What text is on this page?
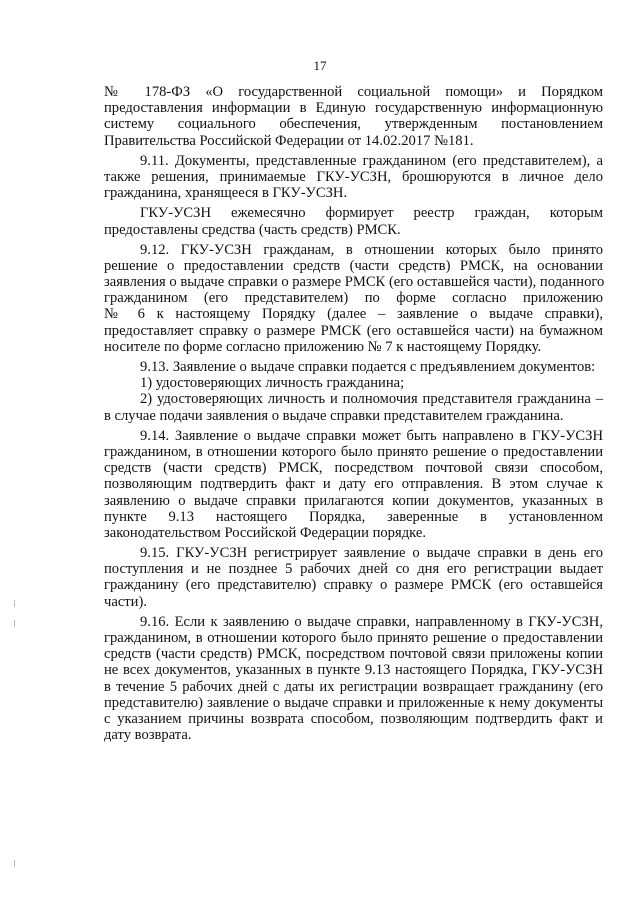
17
№ 178-ФЗ «О государственной социальной помощи» и Порядком
предоставления информации в Единую государственную информационную
систему социального обеспечения, утвержденным постановлением
Правительства Российской Федерации от 14.02.2017 №181.
9.11. Документы, представленные гражданином (его представителем), а
также решения, принимаемые ГКУ-УСЗН, брошюруются в личное дело
гражданина, хранящееся в ГКУ-УСЗН.
ГКУ-УСЗН ежемесячно формирует реестр граждан, которым
предоставлены средства (часть средств) РМСК.
9.12. ГКУ-УСЗН гражданам, в отношении которых было принято
решение о предоставлении средств (части средств) РМСК, на основании
заявления о выдаче справки о размере РМСК (его оставшейся части), поданного
гражданином (его представителем) по форме согласно приложению
№ 6 к настоящему Порядку (далее – заявление о выдаче справки),
предоставляет справку о размере РМСК (его оставшейся части) на бумажном
носителе по форме согласно приложению № 7 к настоящему Порядку.
9.13. Заявление о выдаче справки подается с предъявлением документов:
1) удостоверяющих личность гражданина;
2) удостоверяющих личность и полномочия представителя гражданина –
в случае подачи заявления о выдаче справки представителем гражданина.
9.14. Заявление о выдаче справки может быть направлено в ГКУ-УСЗН
гражданином, в отношении которого было принято решение о предоставлении
средств (части средств) РМСК, посредством почтовой связи способом,
позволяющим подтвердить факт и дату его отправления. В этом случае к
заявлению о выдаче справки прилагаются копии документов, указанных в
пункте 9.13 настоящего Порядка, заверенные в установленном
законодательством Российской Федерации порядке.
9.15. ГКУ-УСЗН регистрирует заявление о выдаче справки в день его
поступления и не позднее 5 рабочих дней со дня его регистрации выдает
гражданину (его представителю) справку о размере РМСК (его оставшейся
части).
9.16. Если к заявлению о выдаче справки, направленному в ГКУ-УСЗН,
гражданином, в отношении которого было принято решение о предоставлении
средств (части средств) РМСК, посредством почтовой связи приложены копии
не всех документов, указанных в пункте 9.13 настоящего Порядка, ГКУ-УСЗН
в течение 5 рабочих дней с даты их регистрации возвращает гражданину (его
представителю) заявление о выдаче справки и приложенные к нему документы
с указанием причины возврата способом, позволяющим подтвердить факт и
дату возврата.
